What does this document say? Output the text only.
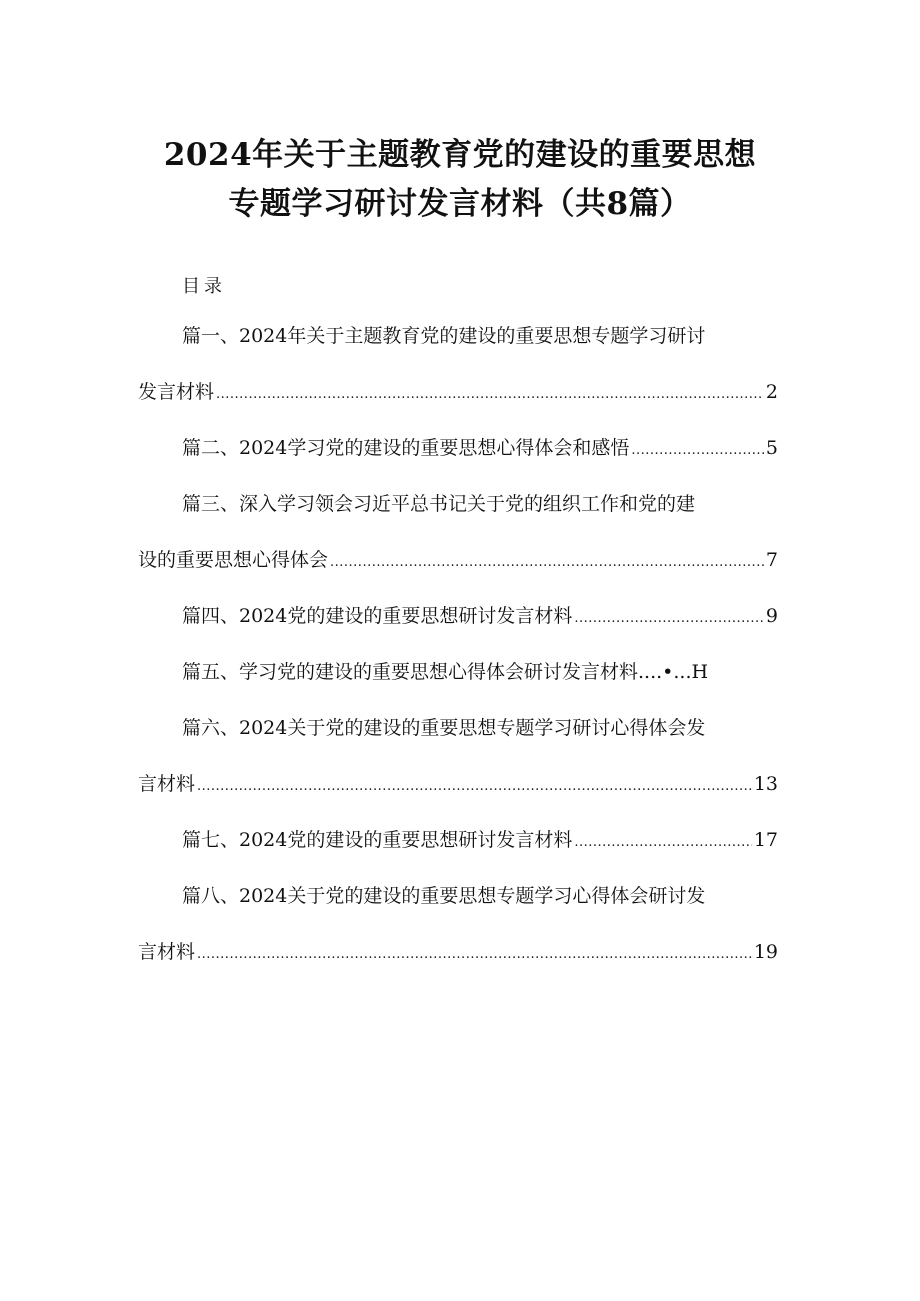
2024年关于主题教育党的建设的重要思想
专题学习研讨发言材料（共8篇）
目录
篇一、2024年关于主题教育党的建设的重要思想专题学习研讨
发言材料 .....	2
篇二、2024学习党的建设的重要思想心得体会和感悟 .....	5
篇三、深入学习领会习近平总书记关于党的组织工作和党的建
设的重要思想心得体会 .....	7
篇四、2024党的建设的重要思想研讨发言材料 .....	9
篇五、学习党的建设的重要思想心得体会研讨发言材料....•...H
篇六、2024关于党的建设的重要思想专题学习研讨心得体会发
言材料 .....	13
篇七、2024党的建设的重要思想研讨发言材料 .....	17
篇八、2024关于党的建设的重要思想专题学习心得体会研讨发
言材料 .....	19
